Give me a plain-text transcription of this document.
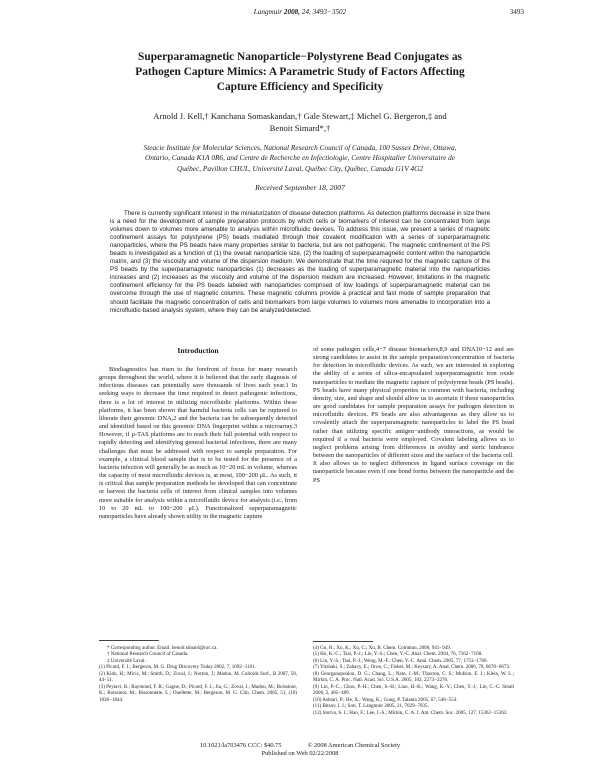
Langmuir 2008, 24, 3493−3502	3493
Superparamagnetic Nanoparticle−Polystyrene Bead Conjugates as
Pathogen Capture Mimics: A Parametric Study of Factors Affecting
Capture Efficiency and Specificity
Arnold J. Kell,† Kanchana Somaskandan,† Gale Stewart,‡ Michel G. Bergeron,‡ and
Benoit Simard*,†
Steacie Institute for Molecular Sciences, National Research Council of Canada, 100 Sussex Drive, Ottawa,
Ontario, Canada K1A 0R6, and Centre de Recherche en Infectiologie, Centre Hospitalier Universitaire de
Québec, Pavillon CHUL, Université Laval, Québec City, Québec, Canada G1V 4G2
Received September 18, 2007
There is currently significant interest in the miniaturization of disease detection platforms. As detection platforms decrease in size there is a need for the development of sample preparation protocols by which cells or biomarkers of interest can be concentrated from large volumes down to volumes more amenable to analysis within microfluidic devices. To address this issue, we present a series of magnetic confinement assays for polystyrene (PS) beads mediated through their covalent modification with a series of superparamagnetic nanoparticles, where the PS beads have many properties similar to bacteria, but are not pathogenic. The magnetic confinement of the PS beads is investigated as a function of (1) the overall nanoparticle size, (2) the loading of superparamagnetic content within the nanoparticle matrix, and (3) the viscosity and volume of the dispersion medium. We demonstrate that the time required for the magnetic capture of the PS beads by the superparamagnetic nanoparticles (1) decreases as the loading of superparamagnetic material into the nanoparticles increases and (2) increases as the viscosity and volume of the dispersion medium are increased. However, limitations in the magnetic confinement efficiency for the PS beads labeled with nanoparticles comprised of low loadings of superparamagnetic material can be overcome through the use of magnetic columns. These magnetic columns provide a practical and fast mode of sample preparation that should facilitate the magnetic concentration of cells and biomarkers from large volumes to volumes more amenable to incorporation into a microfluidic-based analysis system, where they can be analyzed/detected.
Introduction

Biodiagnostics has risen to the forefront of focus for many research groups throughout the world, where it is believed that the early diagnosis of infectious diseases can potentially save thousands of lives each year.1 In seeking ways to decrease the time required to detect pathogenic infections, there is a lot of interest in utilizing microfluidic platforms. Within these platforms, it has been shown that harmful bacteria cells can be ruptured to liberate their genomic DNA,2 and the bacteria can be subsequently detected and identified based on this genomic DNA fingerprint within a microarray.3 However, if μ-TAS platforms are to reach their full potential with respect to rapidly detecting and identifying general bacterial infections, there are many challenges that must be addressed with respect to sample preparation. For example, a clinical blood sample that is to be tested for the presence of a bacteria infection will generally be as much as 10−20 mL in volume, whereas the capacity of most microfluidic devices is, at most, 100−200 μL. As such, it is critical that sample preparation methods be developed that can concentrate or harvest the bacteria cells of interest from clinical samples into volumes more suitable for analysis within a microfluidic device for analysis (i.e., from 10 to 20 mL to 100−200 μL). Functionalized superparamagnetic nanoparticles have already shown utility in the magnetic capture

of some pathogen cells,4−7 disease biomarkers,8,9 and DNA10−12 and are strong candidates to assist in the sample preparation/concentration of bacteria for detection in microfluidic devices. As such, we are interested in exploring the ability of a series of silica-encapsulated superparamagnetic iron oxide nanoparticles to mediate the magnetic capture of polystyrene beads (PS beads). PS beads have many physical properties in common with bacteria, including density, size, and shape and should allow us to ascertain if these nanoparticles are good candidates for sample preparation assays for pathogen detection in microfluidic devices. PS beads are also advantageous as they allow us to covalently attach the superparamagnetic nanoparticles to label the PS bead rather than utilizing specific antigen−antibody interactions, as would be required if a real bacteria were employed. Covalent labeling allows us to neglect problems arising from differences in avidity and steric hindrance between the nanoparticles of different sizes and the surface of the bacteria cell. It also allows us to neglect differences in ligand surface coverage on the nanoparticle because even if one bond forms between the nanoparticle and the PS

* Corresponding author. Email: benoit.simard@nrc.ca.

† National Research Council of Canada.

‡ Université Laval.

(1) Picard, F. J.; Bergeron, M. G. Drug Discovery Today 2002, 7, 1092−1101.

(2) Kido, H.; Micic, M.; Smith, D.; Zoval, J.; Norton, J.; Madou, M. Colloids Surf., B 2007, 58, 44−51.

(3) Peytavi, R.; Raymond, F. R.; Gagne, D.; Picard, F. J.; Jia, G.; Zoval, J.; Madou, M.; Boissinot, K.; Boissinot, M.; Bissonnette, L.; Ouellette, M.; Bergeron, M. G. Clin. Chem. 2005, 51, (10) 1836−1844.

(4) Gu, H.; Xu, K.; Xu, C.; Xu, B. Chem. Commun. 2006, 941−949.

(5) Ho, K.-C.; Tsai, P.-J.; Lin, Y.-S.; Chen, Y.-C. Anal. Chem. 2004, 76, 7162−7168.

(6) Lin, Y.-S.; Tsai, P.-J.; Weng, M.-F.; Chen, Y.-C. Anal. Chem. 2005, 77, 1753−1760.

(7) Yitzhaki, S.; Zahavy, E.; Oron, C.; Fisher, M.; Keysary, A. Anal. Chem. 2006, 78, 6670−6673.

(8) Georganopoulou, D. G.; Chang, L.; Nam, J.-M.; Thaxton, C. S.; Mufson, E. J.; Klein, W. L.; Mirkin, C. A. Proc. Natl. Acad. Sci. U.S.A. 2005, 102, 2273−2276.

(9) Lin, P.-C.; Chou, P.-H.; Chen, S.-H.; Liao, H.-K.; Wang, K.-Y.; Chen, Y.-J.; Lin, C.-C. Small 2006, 2, 485−489.

(10) Ashtari, P.; He, X.; Wang, K.; Gong, P. Talanta 2005, 67, 548−554.

(11) Bitsov, I. I.; Son, T. Langmuir 2005, 21, 7029−7035.

(12) Storva, S. I.; Hao, F.; Lee, J.-S.; Mirkin, C. A. J. Am. Chem. Soc. 2005, 127, 15362−15363.

10.1021/la703476 CCC: $40.75	© 2008 American Chemical Society
Published on Web 02/22/2008
